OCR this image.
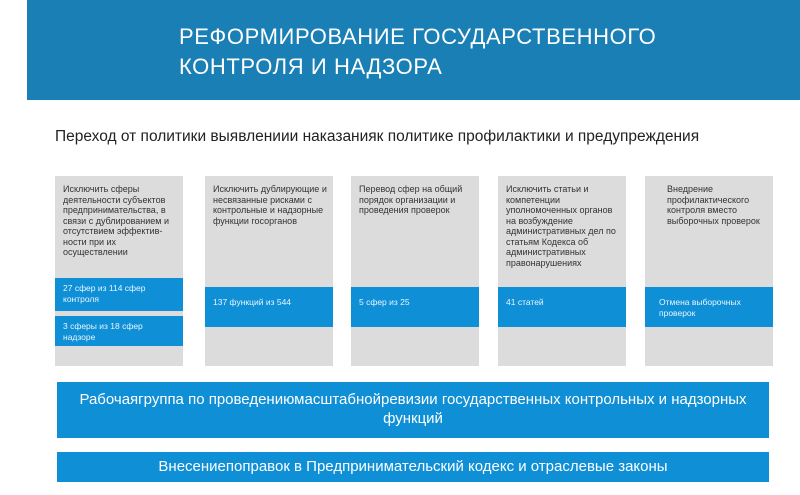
РЕФОРМИРОВАНИЕ ГОСУДАРСТВЕННОГО
КОНТРОЛЯ И НАДЗОРА
Переход от политики выявлениии наказанияк политике профилактики и предупреждения
Исключить сферы деятельности субъектов предпринимательства, в связи с дублированием и отсутствием эффектив-ности при их осуществлении
27 сфер из 114 сфер контроля
3 сферы из 18 сфер надзоре
Исключить дублирующие и несвязанные рисками с контрольные и надзорные функции госорганов
137 функций из 544
Перевод сфер на общий порядок организации и проведения проверок
5 сфер из 25
Исключить статьи и компетенции уполномоченных органов на возбуждение административных дел по статьям Кодекса об административных правонарушениях
41 статей
Внедрение профилактического контроля вместо выборочных проверок
Отмена выборочных проверок
Рабочаягруппа по проведениюмасштабнойревизии государственных контрольных и надзорных функций
Внесениепоправок в Предпринимательский кодекс и отраслевые законы
